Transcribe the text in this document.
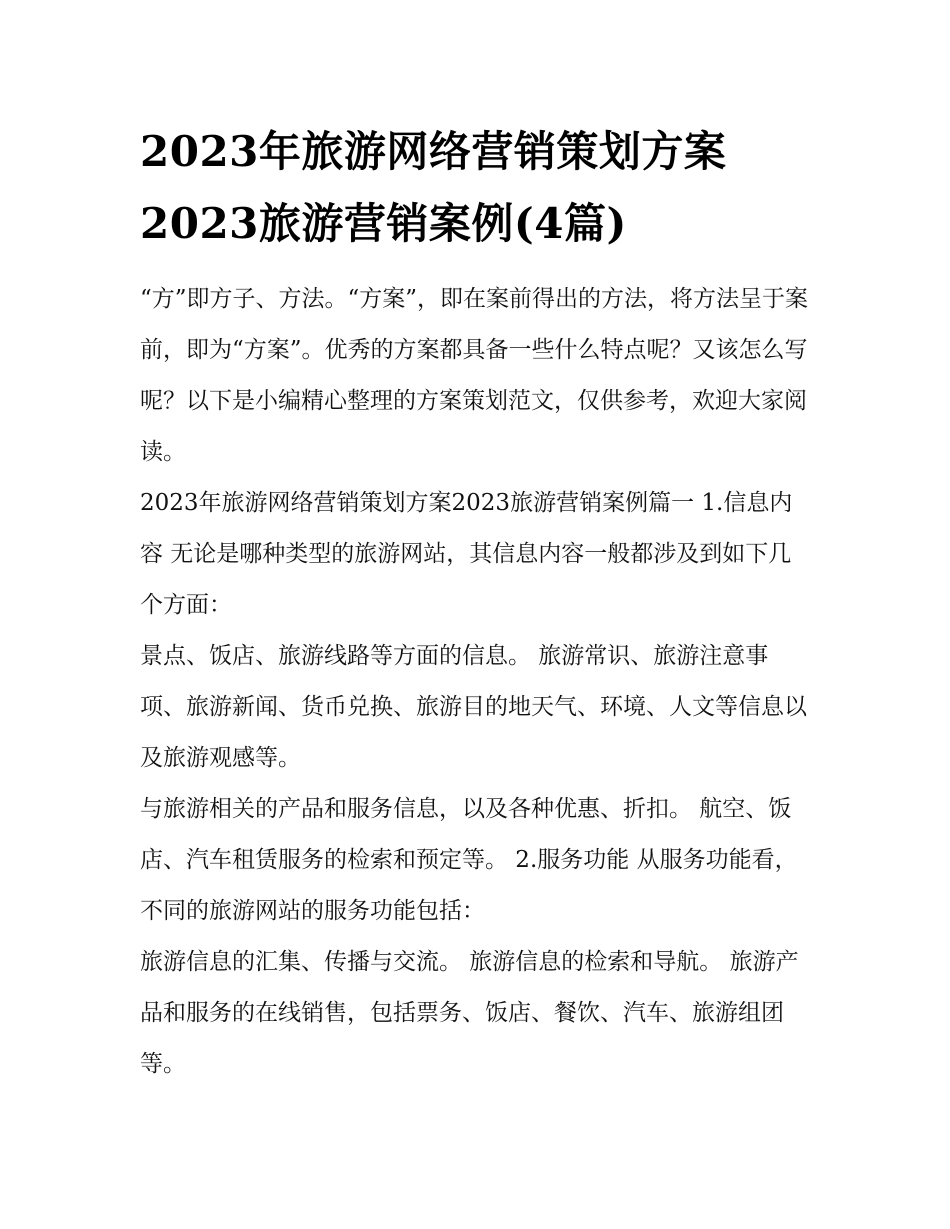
2023年旅游网络营销策划方案2023旅游营销案例(4篇)

“方”即方子、方法。“方案”，即在案前得出的方法，将方法呈于案前，即为“方案”。优秀的方案都具备一些什么特点呢？又该怎么写呢？以下是小编精心整理的方案策划范文，仅供参考，欢迎大家阅读。

2023年旅游网络营销策划方案2023旅游营销案例篇一 1.信息内容 无论是哪种类型的旅游网站，其信息内容一般都涉及到如下几个方面：

景点、饭店、旅游线路等方面的信息。 旅游常识、旅游注意事项、旅游新闻、货币兑换、旅游目的地天气、环境、人文等信息以及旅游观感等。

与旅游相关的产品和服务信息，以及各种优惠、折扣。 航空、饭店、汽车租赁服务的检索和预定等。 2.服务功能 从服务功能看，不同的旅游网站的服务功能包括：

旅游信息的汇集、传播与交流。 旅游信息的检索和导航。 旅游产品和服务的在线销售，包括票务、饭店、餐饮、汽车、旅游组团等。
